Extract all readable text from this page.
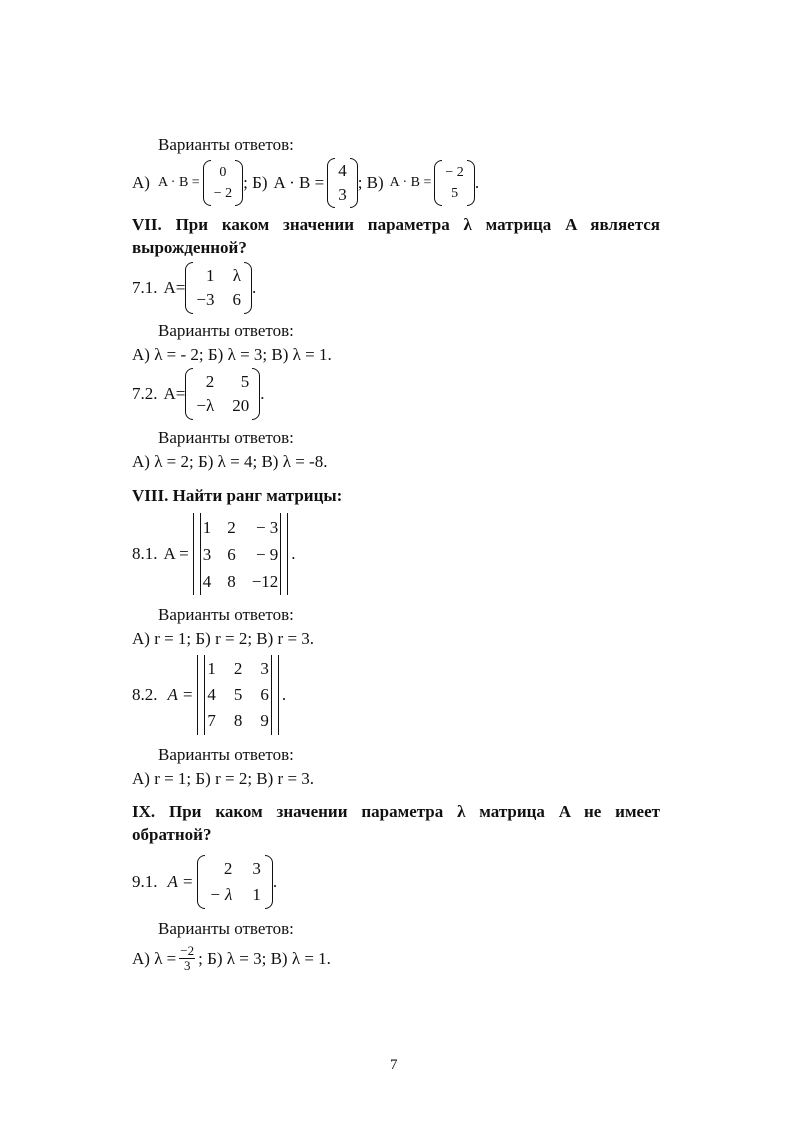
Варианты ответов:
А) A · B =
0
− 2
; Б) A · B =
4
3
; В) A · B =
− 2
5
.
VII. При каком значении параметра λ матрица A является
вырожденной?
7.1. A=
1 λ
−3 6
.
Варианты ответов:
А) λ = - 2; Б) λ = 3; В) λ = 1.
7.2. A=
2	5
−λ 20
.
Варианты ответов:
А) λ = 2; Б) λ = 4; В) λ = -8.
VIII. Найти ранг матрицы:
8.1. A =
1 2 − 3
3 6 − 9
4 8 −12
.
Варианты ответов:
А) r = 1; Б) r = 2; В) r = 3.
8.2. A =
1 2 3
4 5 6
7 8 9
.
Варианты ответов:
А) r = 1; Б) r = 2; В) r = 3.
IX. При каком значении параметра λ матрица A не имеет
обратной?
9.1. A =
2 3
− λ 1
.
Варианты ответов:
А) $\lambda = \frac{-2}{3}$ ; Б) λ = 3; В) λ = 1.
7
